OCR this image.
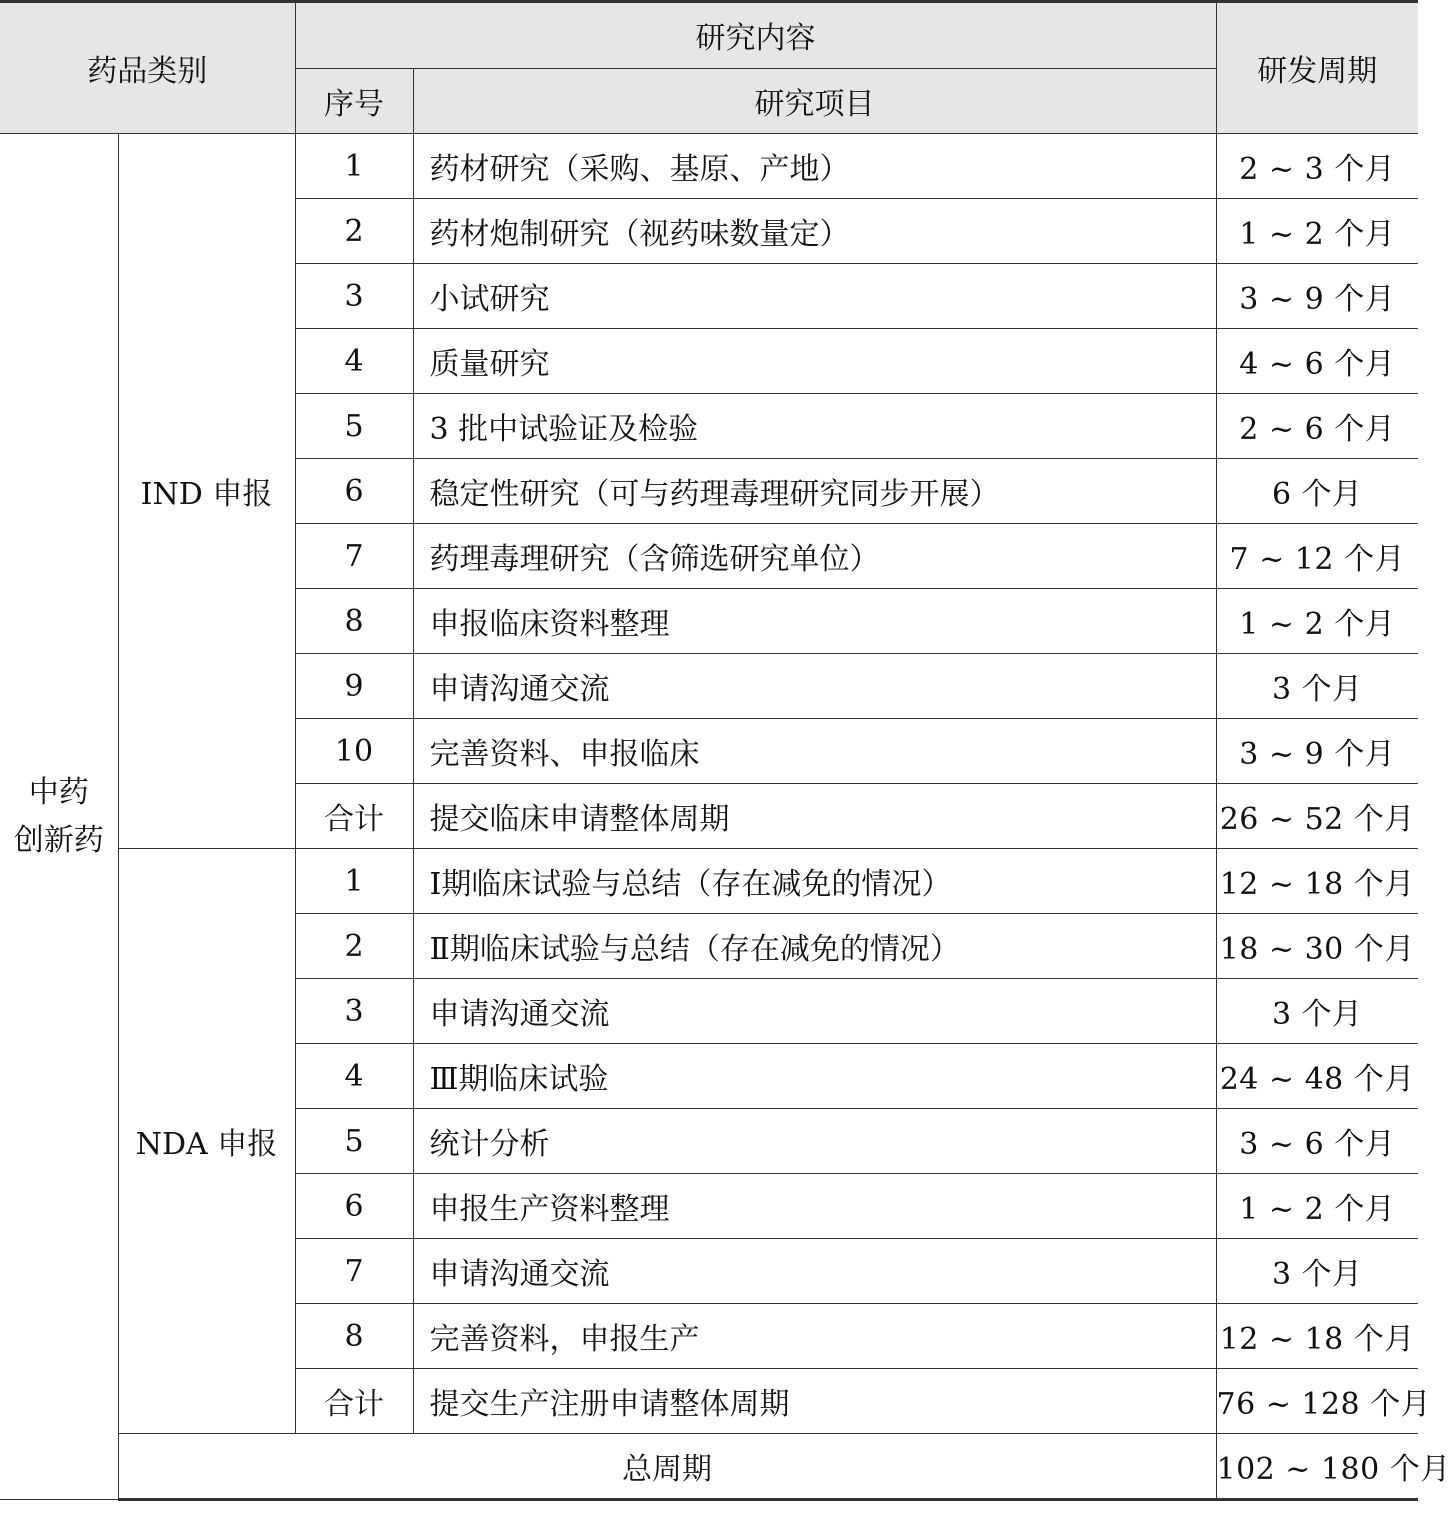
药品类别		研究内容		研发周期
		序号	研究项目	
中药
创新药	IND 申报	1	药材研究（采购、基原、产地）	2 ~ 3 个月
		2	药材炮制研究（视药味数量定）	1 ~ 2 个月
		3	小试研究	3 ~ 9 个月
		4	质量研究	4 ~ 6 个月
		5	3 批中试验证及检验	2 ~ 6 个月
		6	稳定性研究（可与药理毒理研究同步开展）	6 个月
		7	药理毒理研究（含筛选研究单位）	7 ~ 12 个月
		8	申报临床资料整理	1 ~ 2 个月
		9	申请沟通交流	3 个月
		10	完善资料、申报临床	3 ~ 9 个月
		合计	提交临床申请整体周期	26 ~ 52 个月
	NDA 申报	1	Ⅰ期临床试验与总结（存在减免的情况）	12 ~ 18 个月
		2	Ⅱ期临床试验与总结（存在减免的情况）	18 ~ 30 个月
		3	申请沟通交流	3 个月
		4	Ⅲ期临床试验	24 ~ 48 个月
		5	统计分析	3 ~ 6 个月
		6	申报生产资料整理	1 ~ 2 个月
		7	申请沟通交流	3 个月
		8	完善资料，申报生产	12 ~ 18 个月
		合计	提交生产注册申请整体周期	76 ~ 128 个月
	总周期			102 ~ 180 个月
